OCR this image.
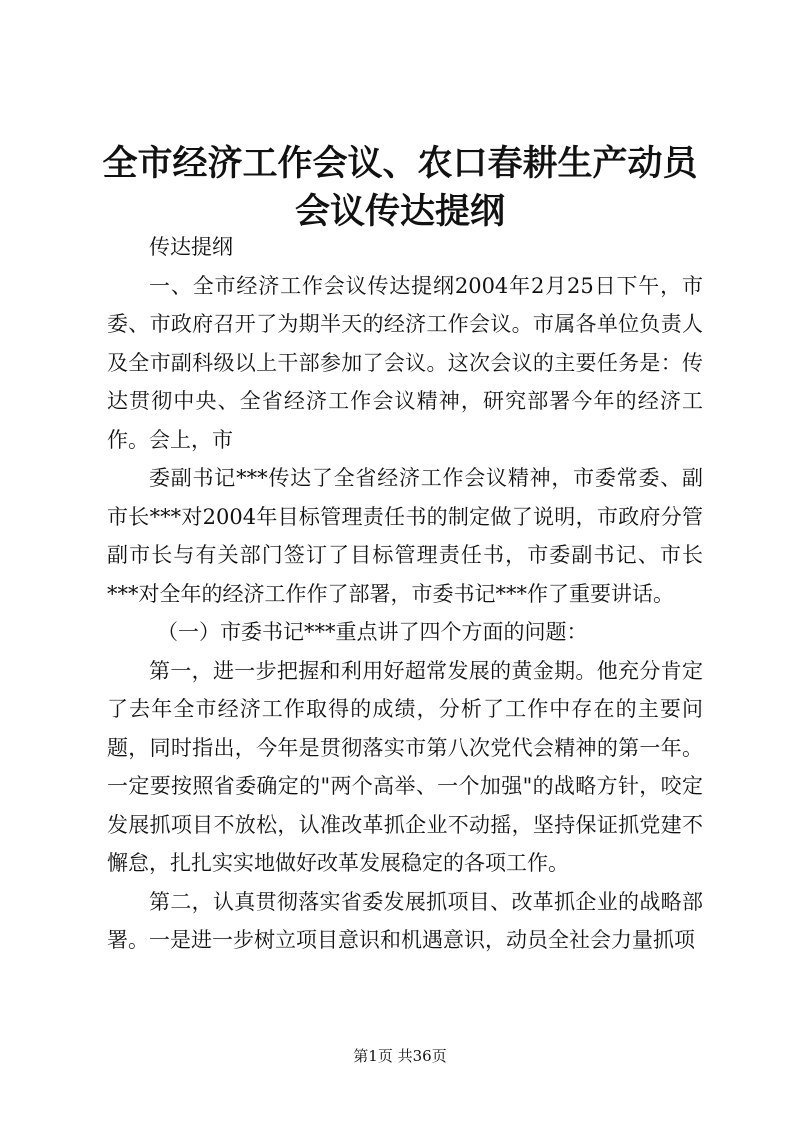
全市经济工作会议、农口春耕生产动员会议传达提纲

传达提纲

一、全市经济工作会议传达提纲2004年2月25日下午，市委、市政府召开了为期半天的经济工作会议。市属各单位负责人及全市副科级以上干部参加了会议。这次会议的主要任务是：传达贯彻中央、全省经济工作会议精神，研究部署今年的经济工作。会上，市

委副书记***传达了全省经济工作会议精神，市委常委、副市长***对2004年目标管理责任书的制定做了说明，市政府分管副市长与有关部门签订了目标管理责任书，市委副书记、市长***对全年的经济工作作了部署，市委书记***作了重要讲话。

（一）市委书记***重点讲了四个方面的问题：

第一，进一步把握和利用好超常发展的黄金期。他充分肯定了去年全市经济工作取得的成绩，分析了工作中存在的主要问题，同时指出，今年是贯彻落实市第八次党代会精神的第一年。一定要按照省委确定的"两个高举、一个加强"的战略方针，咬定发展抓项目不放松，认准改革抓企业不动摇，坚持保证抓党建不懈怠，扎扎实实地做好改革发展稳定的各项工作。

第二，认真贯彻落实省委发展抓项目、改革抓企业的战略部署。一是进一步树立项目意识和机遇意识，动员全社会力量抓项

第1页 共36页
